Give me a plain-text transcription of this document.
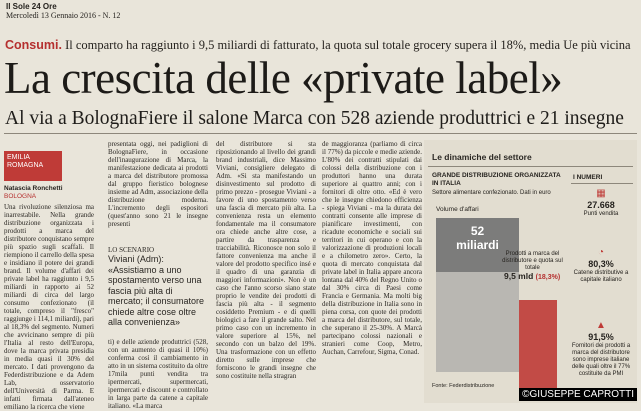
Il Sole 24 Ore
Mercoledì 13 Gennaio 2016 - N. 12
Consumi. Il comparto ha raggiunto i 9,5 miliardi di fatturato, la quota sul totale grocery supera il 18%, media Ue più vicina
La crescita delle «private label»
Al via a BolognaFiere il salone Marca con 528 aziende produttrici e 21 insegne
EMILIA ROMAGNA
Natascia Ronchetti
BOLOGNA
Una rivoluzione silenziosa ma inarrestabile. Nella grande distribuzione organizzata i prodotti a marca del distributore conquistano sempre più spazio sugli scaffali. Il riempiono il carrello della spesa e insidiano il potere dei grandi brand. Il volume d'affari dei private label ha raggiunto i 9,5 miliardi in rapporto ai 52 miliardi di circa del largo consumo confezionato (il totale, compreso il "fresco" raggiunge i 114,1 miliardi), pari al 18,3% del segmento. Numeri che avvicinano sempre di più l'Italia al resto dell'Europa, dove la marca privata presidia in media quasi il 30% del mercato. I dati provengono da Federdistribuzione e da Adem Lab, osservatorio dell'Università di Parma. E infatti firmata dall'ateneo emiliano la ricerca che viene
presentata oggi, nei padiglioni di BolognaFiere, in occasione dell'inaugurazione di Marca, la manifestazione dedicata ai prodotti a marca del distributore promossa dal gruppo fieristico bolognese insieme ad Adm, associazione della distribuzione moderna. L'incremento degli espositori (quest'anno sono 21 le insegne presenti
LO SCENARIO
Viviani (Adm): «Assistiamo a uno spostamento verso una fascia più alta di mercato; il consumatore chiede altre cose oltre alla convenienza»
ti) e delle aziende produttrici (528, con un aumento di quasi il 10%) conferma così il cambiamento in atto in un sistema costituito da oltre 17mila punti vendita tra ipermercati, supermercati, ipermercati e discount e controllato in larga parte da catene a capitale italiano. «La marca
del distributore si sta riposizionando al livello dei grandi brand industriali, dice Massimo Viviani, consigliere delegato di Adm. «Si sta manifestando un disinvestimento sul prodotto di primo prezzo - prosegue Viviani - a favore di uno spostamento verso una fascia di mercato più alta. La convenienza resta un elemento fondamentale ma il consumatore ora chiede anche altre cose, a partire da trasparenza e tracciabilità. Riconosce non solo il fattore convenienza ma anche il valore del prodotto specifico insé e il quadro di una garanzia di maggiori informazioni». Non è un caso che l'anno scorso siano state proprio le vendite dei prodotti di fascia più alta - il segmento cosiddetto Premium - e di quelli biologici a fare il grande salto. Nel primo caso con un incremento in valore superiore al 15%, nel secondo con un balzo del 19%. Una trasformazione con un effetto diretto sulle imprese che forniscono le grandi insegne che sono costituite nella stragran
de maggioranza (parliamo di circa il 77%) da piccole e medie aziende. L'80% dei contratti stipulati dai colossi della distribuzione con i produttori hanno una durata superiore ai quattro anni; con i fornitori di oltre otto. «Ed è vero che le insegne chiedono efficienza - spiega Viviani - ma la durata dei contratti consente alle imprese di pianificare investimenti, con ricadute economiche e sociali sui territori in cui operano e con la valorizzazione di produzioni locali e a chilometro zero». Certo, la quota di mercato conquistata dal private label in Italia appare ancora lontana dal 40% del Regno Unito o dal 30% circa di Paesi come Francia e Germania. Ma molti big della distribuzione in Italia sono in piena corsa, con quote dei prodotti a marca del distributore, sul totale, che superano il 25-30%. A Marcà partecipano colossi nazionali e stranieri come Coop, Metro, Auchan, Carrefour, Sigma, Conad.
Le dinamiche del settore
GRANDE DISTRIBUZIONE ORGANIZZATA IN ITALIA
Settore alimentare confezionato. Dati in euro
Volume d'affari
52
miliardi
Prodotti a marca del distributore e quota sul totale
9,5 mld (18,3%)
Fonte: Federdistribuzione
I NUMERI
▦
27.668
Punti vendita
◔
80,3%
Catene distributive a capitale italiano
▲
91,5%
Fornitori dei prodotti a marca del distributore sono imprese italiane delle quali oltre il 77% costituite da PMI
©GIUSEPPE CAPROTTI
